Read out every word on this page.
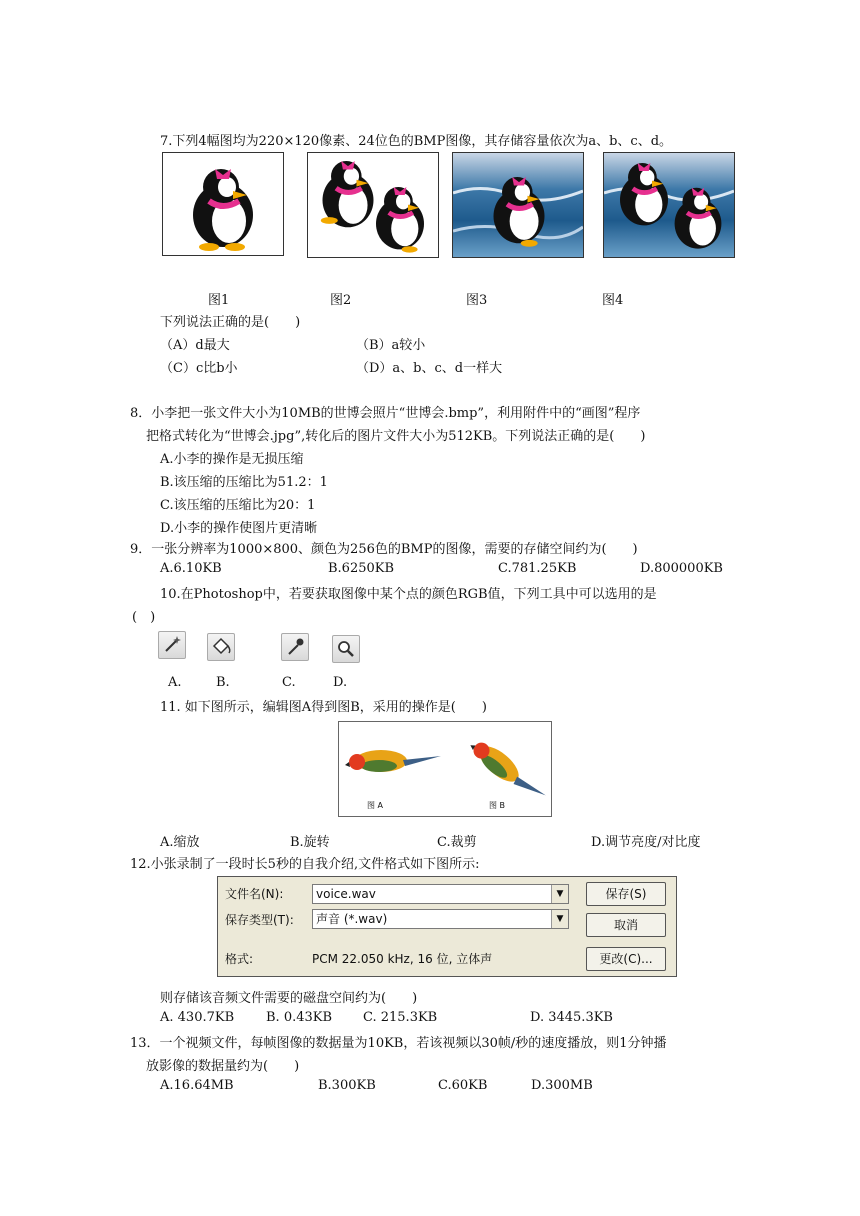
7.下列4幅图均为220×120像素、24位色的BMP图像，其存储容量依次为a、b、c、d。
图1	图2	图3	图4
下列说法正确的是(　　)
（A）d最大	（B）a较小
（C）c比b小	（D）a、b、c、d一样大
8．小李把一张文件大小为10MB的世博会照片“世博会.bmp”，利用附件中的“画图”程序
把格式转化为“世博会.jpg”,转化后的图片文件大小为512KB。下列说法正确的是(　　)
A.小李的操作是无损压缩
B.该压缩的压缩比为51.2：1
C.该压缩的压缩比为20：1
D.小李的操作使图片更清晰
9．一张分辨率为1000×800、颜色为256色的BMP的图像，需要的存储空间约为(　　)
A.6.10KB	B.6250KB	C.781.25KB	D.800000KB
10.在Photoshop中，若要获取图像中某个点的颜色RGB值，下列工具中可以选用的是
(　)
A.	B.	C.	D.
11. 如下图所示，编辑图A得到图B，采用的操作是(　　)
图 A	图 B
A.缩放	B.旋转	C.裁剪	D.调节亮度/对比度
12.小张录制了一段时长5秒的自我介绍,文件格式如下图所示:
文件名(N):	voice.wav	▼
保存类型(T):	声音 (*.wav)	▼
格式:	PCM 22.050 kHz, 16 位, 立体声
保存(S)
取消
更改(C)...
则存储该音频文件需要的磁盘空间约为(　　)
A. 430.7KB B. 0.43KB C. 215.3KB	D. 3445.3KB
13．一个视频文件，每帧图像的数据量为10KB，若该视频以30帧/秒的速度播放，则1分钟播
放影像的数据量约为(　　)
A.16.64MB	B.300KB	C.60KB	D.300MB
